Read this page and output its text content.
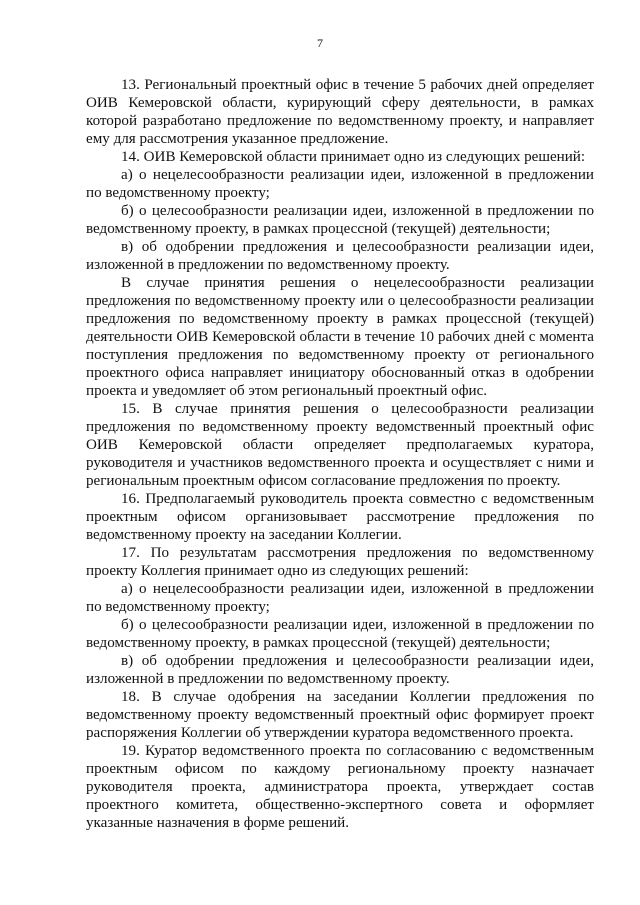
7

13. Региональный проектный офис в течение 5 рабочих дней определяет ОИВ Кемеровской области, курирующий сферу деятельности, в рамках которой разработано предложение по ведомственному проекту, и направляет ему для рассмотрения указанное предложение.

14. ОИВ Кемеровской области принимает одно из следующих решений:

а) о нецелесообразности реализации идеи, изложенной в предложении по ведомственному проекту;

б) о целесообразности реализации идеи, изложенной в предложении по ведомственному проекту, в рамках процессной (текущей) деятельности;

в) об одобрении предложения и целесообразности реализации идеи, изложенной в предложении по ведомственному проекту.

В случае принятия решения о нецелесообразности реализации предложения по ведомственному проекту или о целесообразности реализации предложения по ведомственному проекту в рамках процессной (текущей) деятельности ОИВ Кемеровской области в течение 10 рабочих дней с момента поступления предложения по ведомственному проекту от регионального проектного офиса направляет инициатору обоснованный отказ в одобрении проекта и уведомляет об этом региональный проектный офис.

15. В случае принятия решения о целесообразности реализации предложения по ведомственному проекту ведомственный проектный офис ОИВ Кемеровской области определяет предполагаемых куратора, руководителя и участников ведомственного проекта и осуществляет с ними и региональным проектным офисом согласование предложения по проекту.

16. Предполагаемый руководитель проекта совместно с ведомственным проектным офисом организовывает рассмотрение предложения по ведомственному проекту на заседании Коллегии.

17. По результатам рассмотрения предложения по ведомственному проекту Коллегия принимает одно из следующих решений:

а) о нецелесообразности реализации идеи, изложенной в предложении по ведомственному проекту;

б) о целесообразности реализации идеи, изложенной в предложении по ведомственному проекту, в рамках процессной (текущей) деятельности;

в) об одобрении предложения и целесообразности реализации идеи, изложенной в предложении по ведомственному проекту.

18. В случае одобрения на заседании Коллегии предложения по ведомственному проекту ведомственный проектный офис формирует проект распоряжения Коллегии об утверждении куратора ведомственного проекта.

19. Куратор ведомственного проекта по согласованию с ведомственным проектным офисом по каждому региональному проекту назначает руководителя проекта, администратора проекта, утверждает состав проектного комитета, общественно-экспертного совета и оформляет указанные назначения в форме решений.
